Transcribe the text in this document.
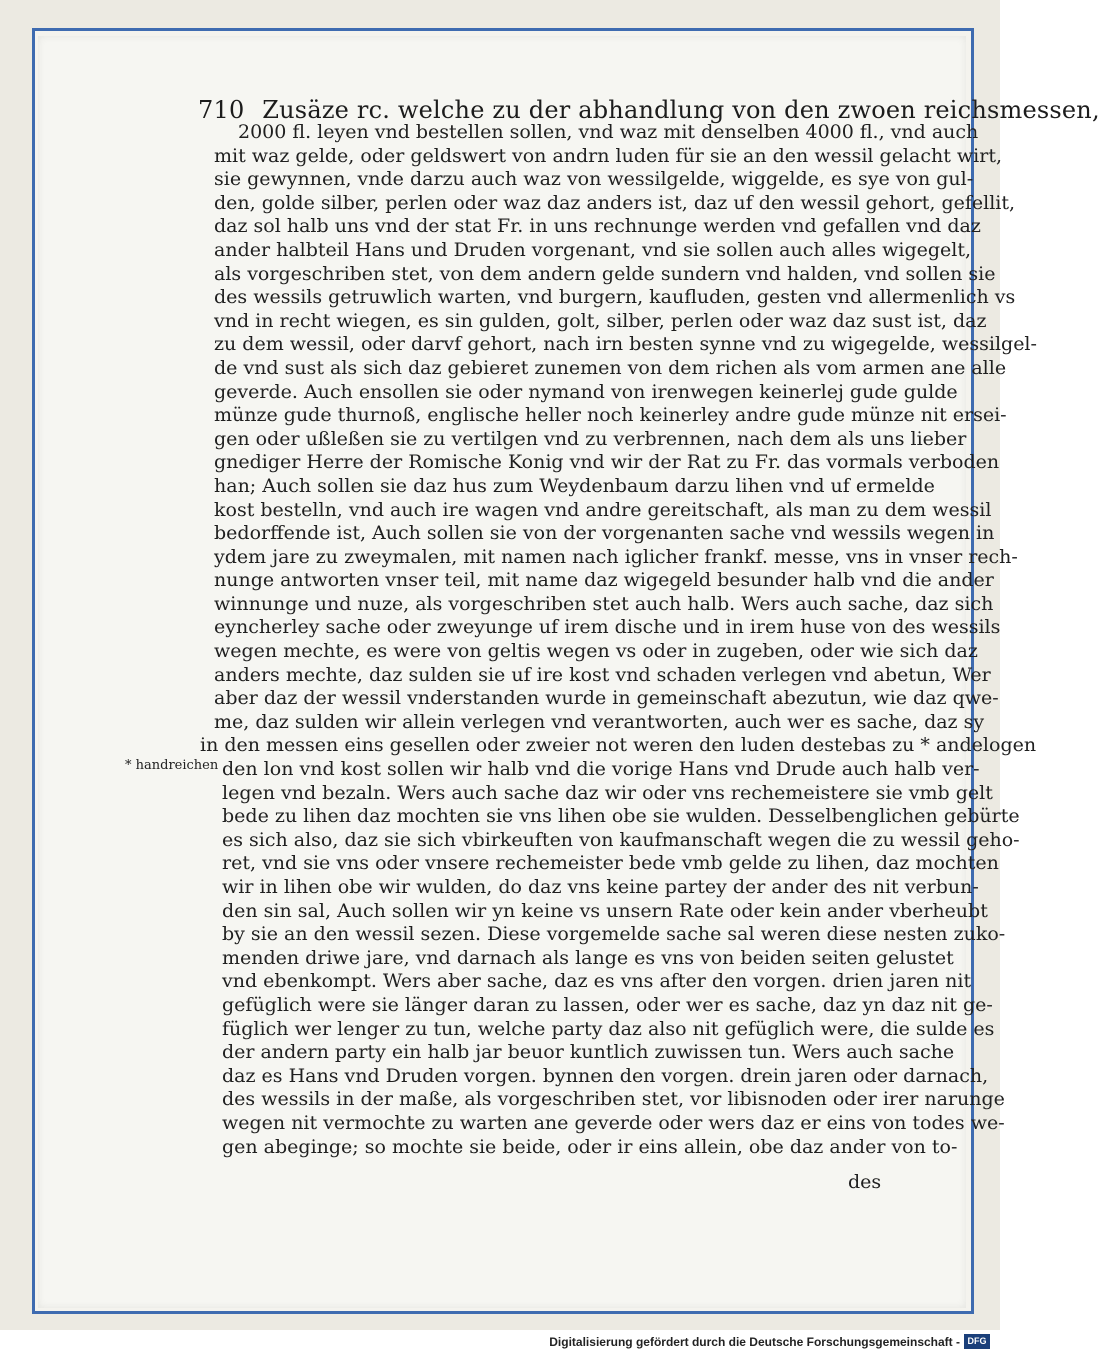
710 Zusäze rc. welche zu der abhandlung von den zwoen reichsmessen,
2000 fl. leyen vnd bestellen sollen, vnd waz mit denselben 4000 fl., vnd auch
mit waz gelde, oder geldswert von andrn luden für sie an den wessil gelacht wirt,
sie gewynnen, vnde darzu auch waz von wessilgelde, wiggelde, es sye von gul-
den, golde silber, perlen oder waz daz anders ist, daz uf den wessil gehort, gefellit,
daz sol halb uns vnd der stat Fr. in uns rechnunge werden vnd gefallen vnd daz
ander halbteil Hans und Druden vorgenant, vnd sie sollen auch alles wigegelt,
als vorgeschriben stet, von dem andern gelde sundern vnd halden, vnd sollen sie
des wessils getruwlich warten, vnd burgern, kaufluden, gesten vnd allermenlich vs
vnd in recht wiegen, es sin gulden, golt, silber, perlen oder waz daz sust ist, daz
zu dem wessil, oder darvf gehort, nach irn besten synne vnd zu wigegelde, wessilgel-
de vnd sust als sich daz gebieret zunemen von dem richen als vom armen ane alle
geverde. Auch ensollen sie oder nymand von irenwegen keinerlej gude gulde
münze gude thurnoß, englische heller noch keinerley andre gude münze nit ersei-
gen oder ußleßen sie zu vertilgen vnd zu verbrennen, nach dem als uns lieber
gnediger Herre der Romische Konig vnd wir der Rat zu Fr. das vormals verboden
han; Auch sollen sie daz hus zum Weydenbaum darzu lihen vnd uf ermelde
kost bestelln, vnd auch ire wagen vnd andre gereitschaft, als man zu dem wessil
bedorffende ist, Auch sollen sie von der vorgenanten sache vnd wessils wegen in
ydem jare zu zweymalen, mit namen nach iglicher frankf. messe, vns in vnser rech-
nunge antworten vnser teil, mit name daz wigegeld besunder halb vnd die ander
winnunge und nuze, als vorgeschriben stet auch halb. Wers auch sache, daz sich
eyncherley sache oder zweyunge uf irem dische und in irem huse von des wessils
wegen mechte, es were von geltis wegen vs oder in zugeben, oder wie sich daz
anders mechte, daz sulden sie uf ire kost vnd schaden verlegen vnd abetun, Wer
aber daz der wessil vnderstanden wurde in gemeinschaft abezutun, wie daz qwe-
me, daz sulden wir allein verlegen vnd verantworten, auch wer es sache, daz sy
in den messen eins gesellen oder zweier not weren den luden destebas zu * andelogen
den lon vnd kost sollen wir halb vnd die vorige Hans vnd Drude auch halb ver-
legen vnd bezaln. Wers auch sache daz wir oder vns rechemeistere sie vmb gelt
bede zu lihen daz mochten sie vns lihen obe sie wulden. Desselbenglichen gebürte
es sich also, daz sie sich vbirkeuften von kaufmanschaft wegen die zu wessil geho-
ret, vnd sie vns oder vnsere rechemeister bede vmb gelde zu lihen, daz mochten
wir in lihen obe wir wulden, do daz vns keine partey der ander des nit verbun-
den sin sal, Auch sollen wir yn keine vs unsern Rate oder kein ander vberheubt
by sie an den wessil sezen. Diese vorgemelde sache sal weren diese nesten zuko-
menden driwe jare, vnd darnach als lange es vns von beiden seiten gelustet
vnd ebenkompt. Wers aber sache, daz es vns after den vorgen. drien jaren nit
gefüglich were sie länger daran zu lassen, oder wer es sache, daz yn daz nit ge-
füglich wer lenger zu tun, welche party daz also nit gefüglich were, die sulde es
der andern party ein halb jar beuor kuntlich zuwissen tun. Wers auch sache
daz es Hans vnd Druden vorgen. bynnen den vorgen. drein jaren oder darnach,
des wessils in der maße, als vorgeschriben stet, vor libisnoden oder irer narunge
wegen nit vermochte zu warten ane geverde oder wers daz er eins von todes we-
gen abeginge; so mochte sie beide, oder ir eins allein, obe daz ander von to-
* handreichen
des
Digitalisierung gefördert durch die Deutsche Forschungsgemeinschaft - DFG
